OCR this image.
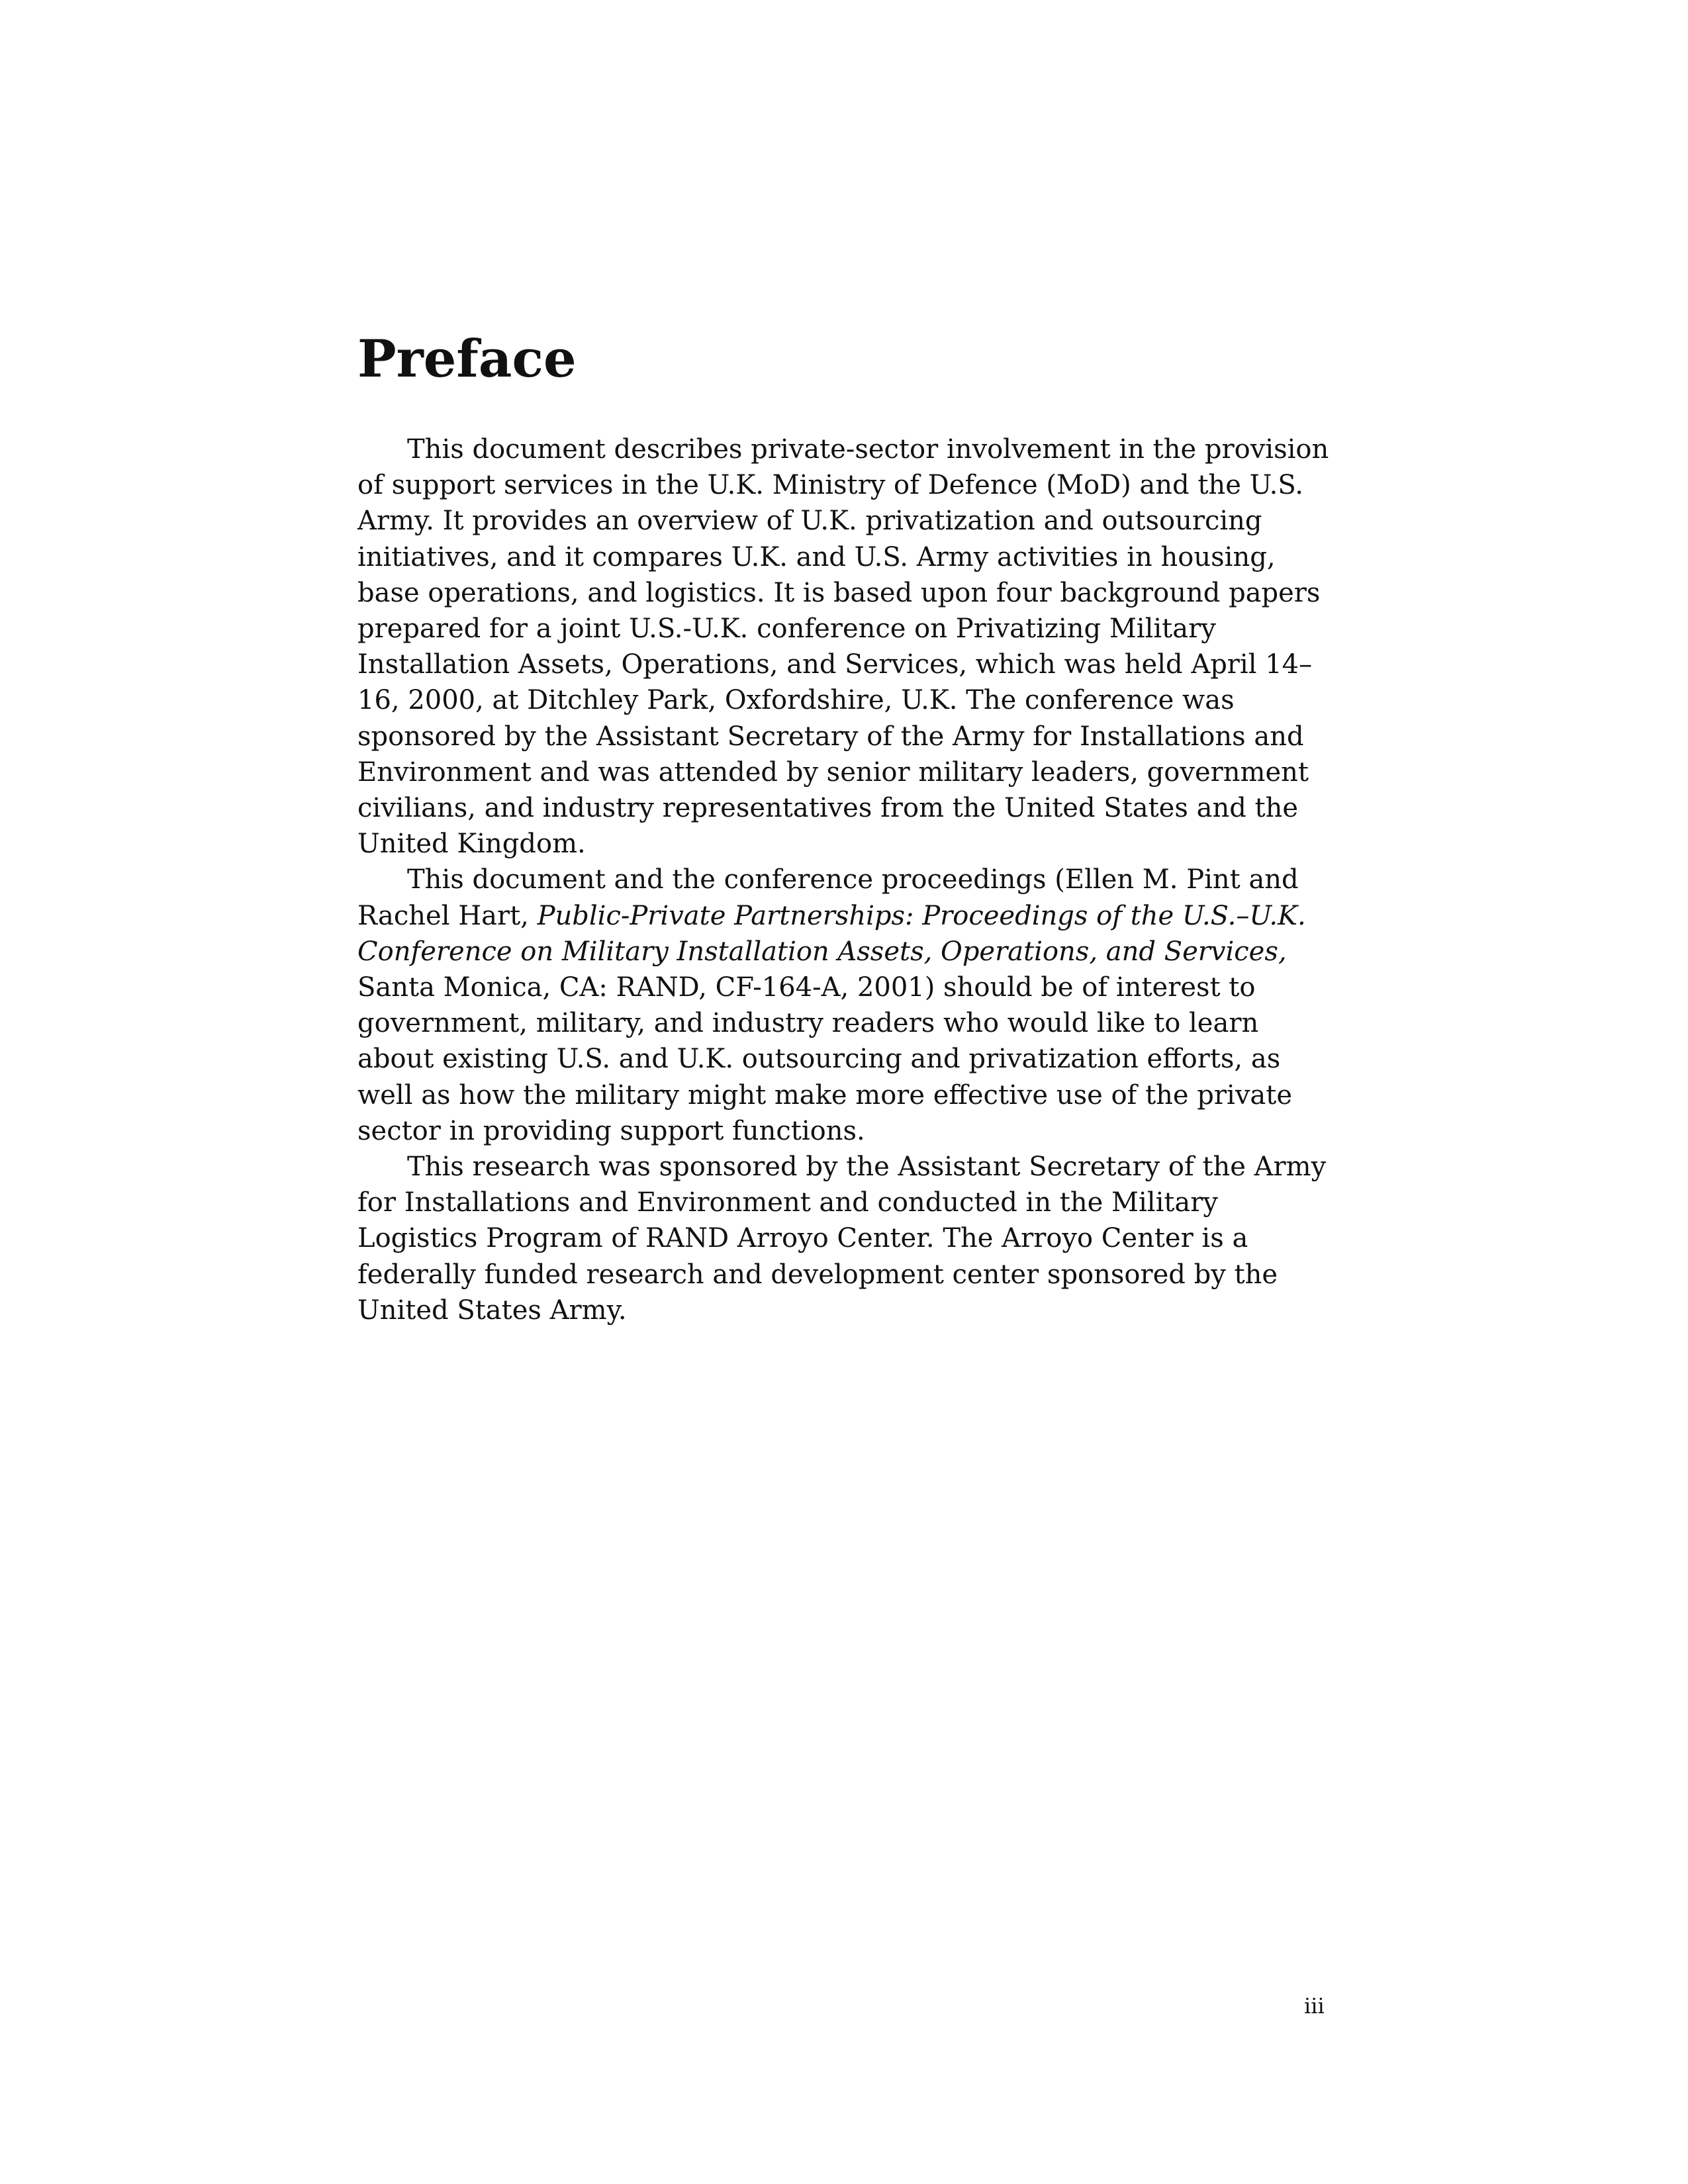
Preface

This document describes private-sector involvement in the provision of support services in the U.K. Ministry of Defence (MoD) and the U.S. Army. It provides an overview of U.K. privatization and outsourcing initiatives, and it compares U.K. and U.S. Army activities in housing, base operations, and logistics. It is based upon four background papers prepared for a joint U.S.-U.K. conference on Privatizing Military Installation Assets, Operations, and Services, which was held April 14–16, 2000, at Ditchley Park, Oxfordshire, U.K. The conference was sponsored by the Assistant Secretary of the Army for Installations and Environment and was attended by senior military leaders, government civilians, and industry representatives from the United States and the United Kingdom.

This document and the conference proceedings (Ellen M. Pint and Rachel Hart, Public-Private Partnerships: Proceedings of the U.S.–U.K. Conference on Military Installation Assets, Operations, and Services, Santa Monica, CA: RAND, CF-164-A, 2001) should be of interest to government, military, and industry readers who would like to learn about existing U.S. and U.K. outsourcing and privatization efforts, as well as how the military might make more effective use of the private sector in providing support functions.

This research was sponsored by the Assistant Secretary of the Army for Installations and Environment and conducted in the Military Logistics Program of RAND Arroyo Center. The Arroyo Center is a federally funded research and development center sponsored by the United States Army.

iii
